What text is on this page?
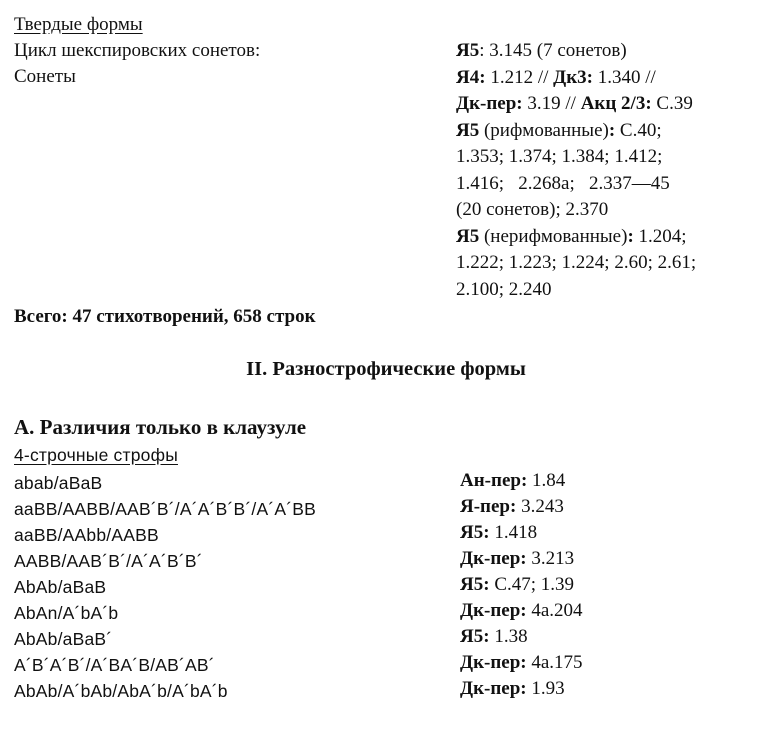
Твердые формы
Цикл шекспировских сонетов:
Сонеты
Я5: 3.145 (7 сонетов)
Я4: 1.212 // Дк3: 1.340 //
Дк-пер: 3.19 // Акц 2/3: С.39
Я5 (рифмованные): С.40;
1.353; 1.374; 1.384; 1.412;
1.416;   2.268a;   2.337—45
(20 сонетов); 2.370
Я5 (нерифмованные): 1.204;
1.222; 1.223; 1.224; 2.60; 2.61;
2.100; 2.240
Всего: 47 стихотворений, 658 строк
II. Разнострофические формы
А. Различия только в клаузуле
4-строчные строфы
abab/aBaB	Ан-пер: 1.84
aaBB/AABB/AAB´B´/A´A´B´B´/A´A´BB	Я-пер: 3.243
aaBB/AAbb/AABB	Я5: 1.418
AABB/AAB´B´/A´A´B´B´	Дк-пер: 3.213
AbAb/aBaB	Я5: С.47; 1.39
AbAn/A´bA´b	Дк-пер: 4a.204
AbAb/aBaB´	Я5: 1.38
A´B´A´B´/A´BA´B/AB´AB´	Дк-пер: 4a.175
AbAb/A´bAb/AbA´b/A´bA´b	Дк-пер: 1.93
